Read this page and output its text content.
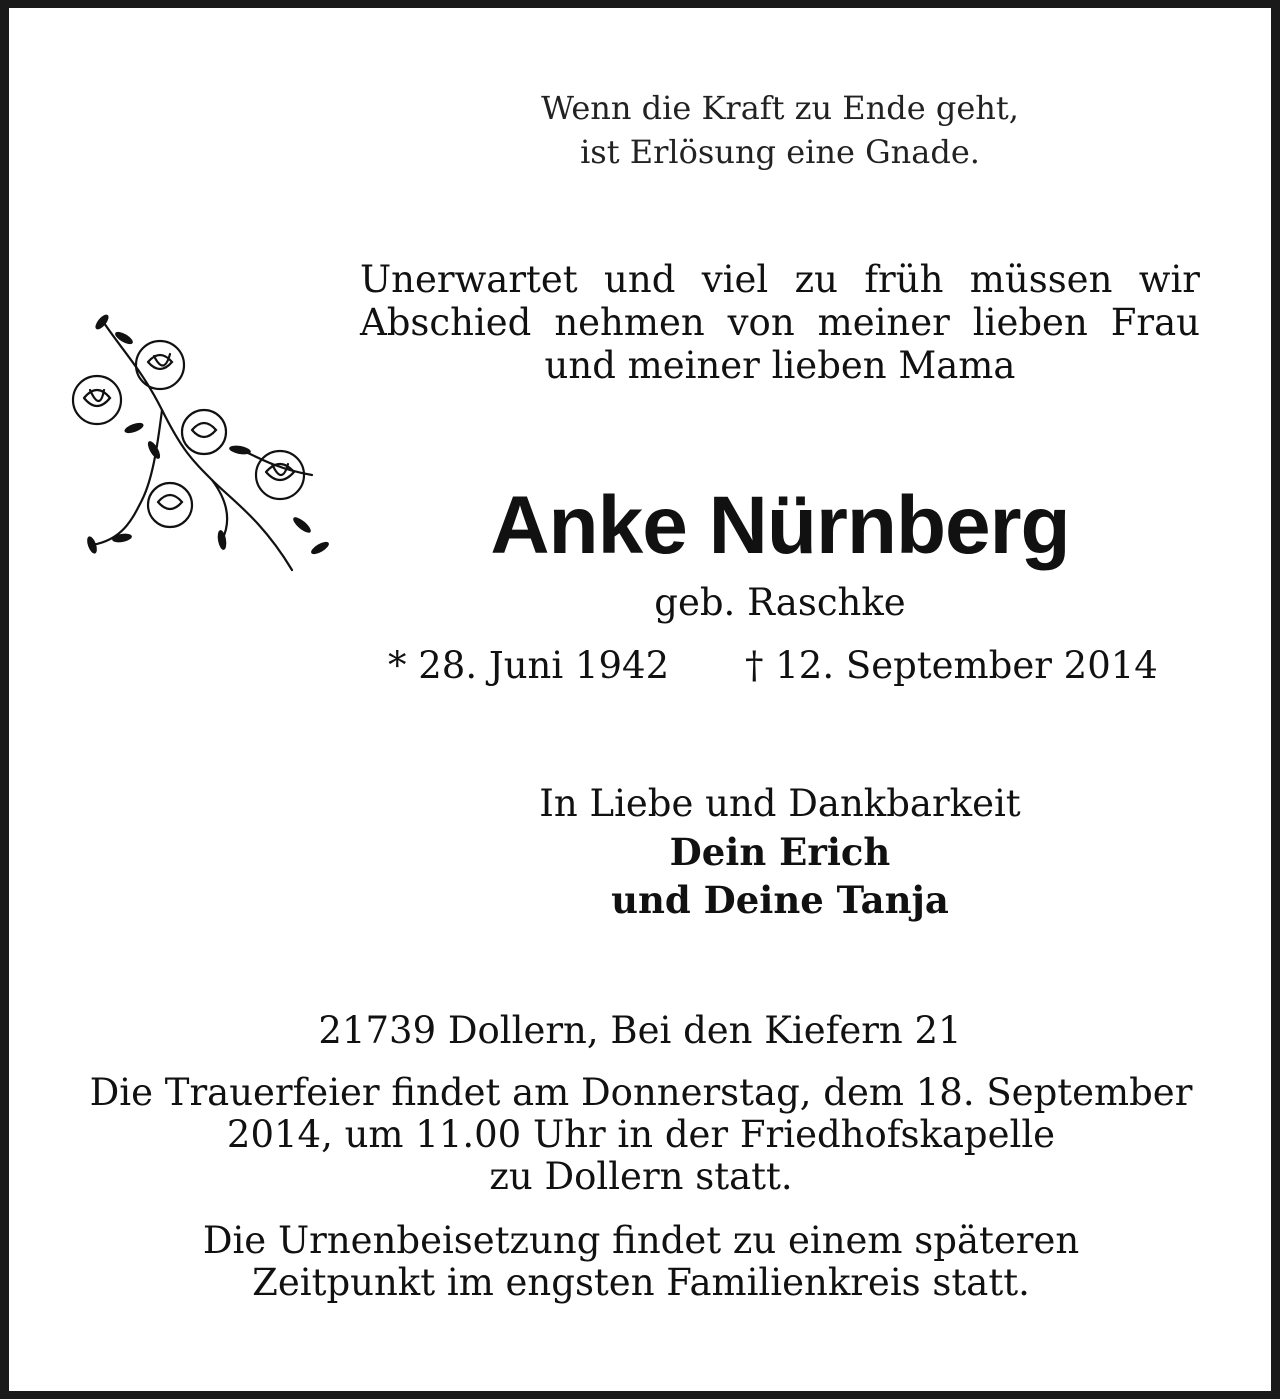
Wenn die Kraft zu Ende geht,
ist Erlösung eine Gnade.
Unerwartet und viel zu früh müssen wir
Abschied nehmen von meiner lieben Frau
und meiner lieben Mama
Anke Nürnberg
geb. Raschke
* 28. Juni 1942 † 12. September 2014
In Liebe und Dankbarkeit
Dein Erich
und Deine Tanja
21739 Dollern, Bei den Kiefern 21
Die Trauerfeier findet am Donnerstag, dem 18. September
2014, um 11.00 Uhr in der Friedhofskapelle
zu Dollern statt.
Die Urnenbeisetzung findet zu einem späteren
Zeitpunkt im engsten Familienkreis statt.
